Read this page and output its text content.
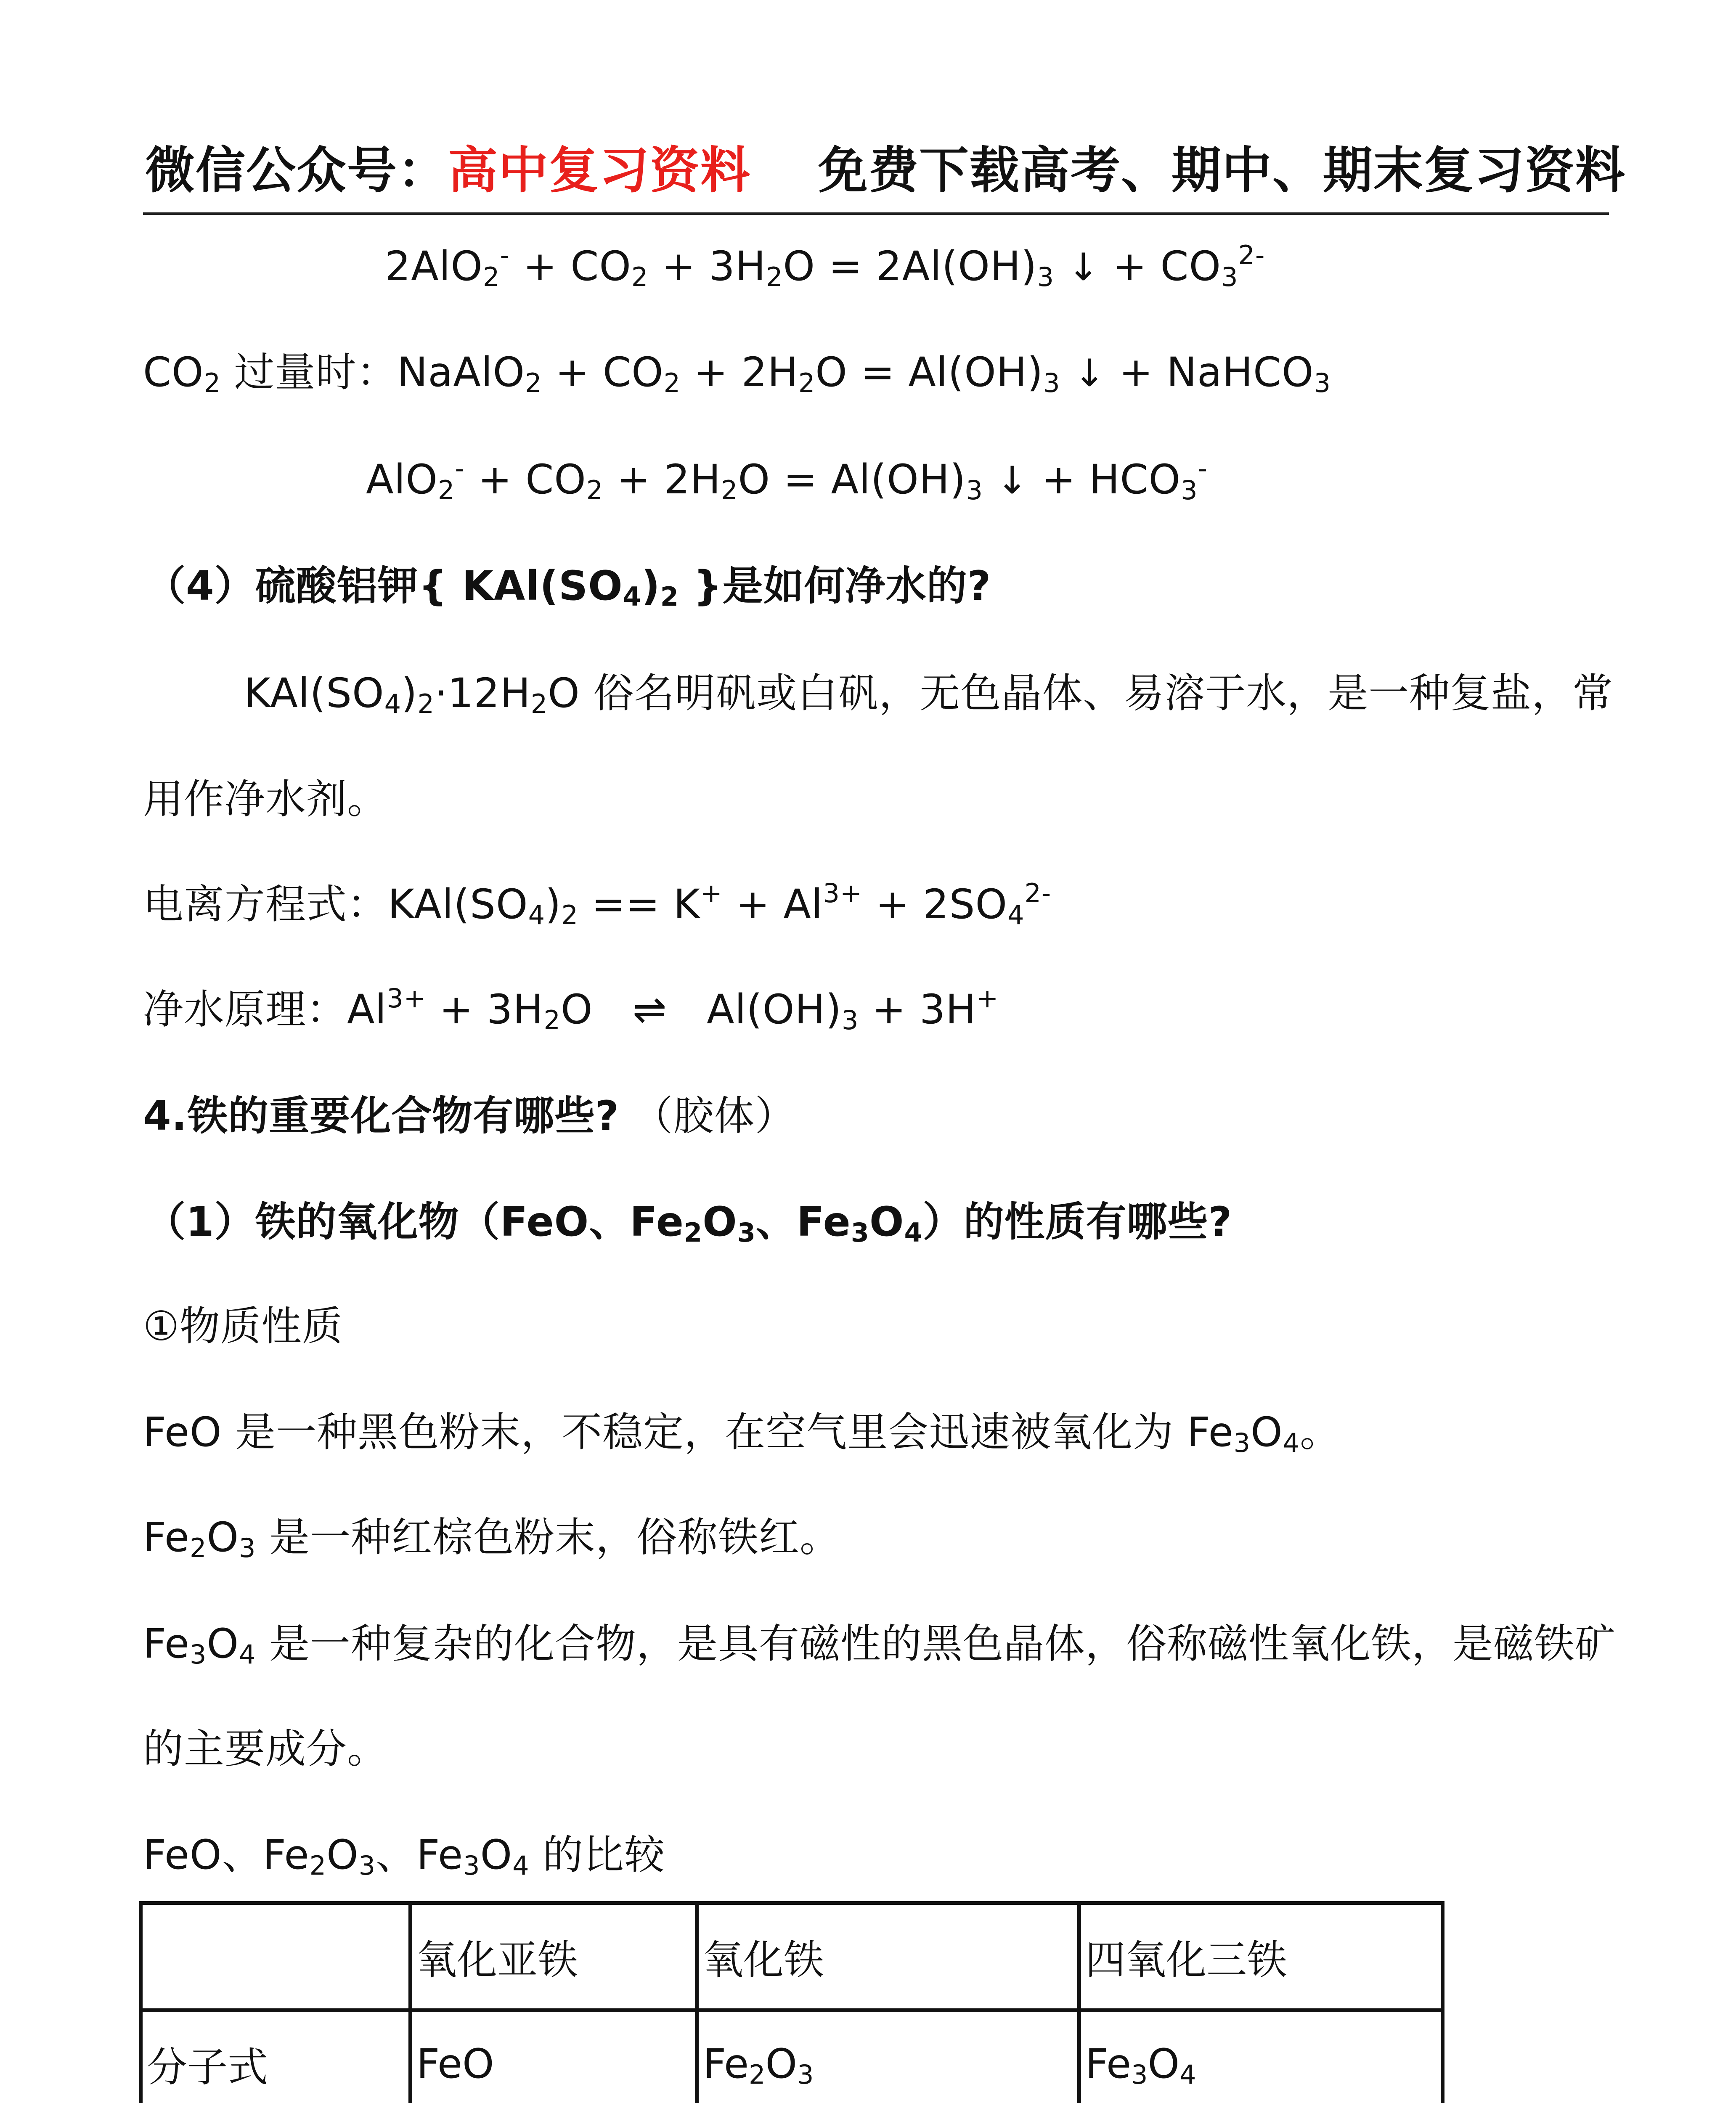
微信公众号：高中复习资料 免费下载高考、期中、期末复习资料
$2AlO_2^- + CO_2 + 3H_2O = 2Al(OH)_3$ ↓ + $CO_3^{2-}$
$CO_2$ 过量时：NaAlO$_2$ + $CO_2 + 2H_2O = Al(OH)_3$ ↓ + NaHCO$_3$
$AlO_2^- + CO_2 + 2H_2O = Al(OH)_3$ ↓ + $HCO_3^-$
（4）硫酸铝钾{ $KAl(SO_4)_2$ }是如何净水的?
$KAl(SO_4)_2\cdot 12H_2O$ 俗名明矾或白矾，无色晶体、易溶于水，是一种复盐，常
用作净水剂。
电离方程式：$KAl(SO_4)_2 == K^+ + Al^{3+} + 2SO_4^{2-}$
净水原理：$Al^{3+} + 3H_2O$ ⇌ $Al(OH)_3 + 3H^+$
4.铁的重要化合物有哪些? （胶体）
（1）铁的氧化物（FeO、$Fe_2O_3$、$Fe_3O_4$）的性质有哪些?
①物质性质
FeO 是一种黑色粉末，不稳定，在空气里会迅速被氧化为 $Fe_3O_4$。
$Fe_2O_3$ 是一种红棕色粉末，俗称铁红。
$Fe_3O_4$ 是一种复杂的化合物，是具有磁性的黑色晶体，俗称磁性氧化铁，是磁铁矿
的主要成分。
FeO、$Fe_2O_3$、$Fe_3O_4$ 的比较
	氧化亚铁	氧化铁	四氧化三铁
分子式	FeO	$Fe_2O_3$	$Fe_3O_4$
